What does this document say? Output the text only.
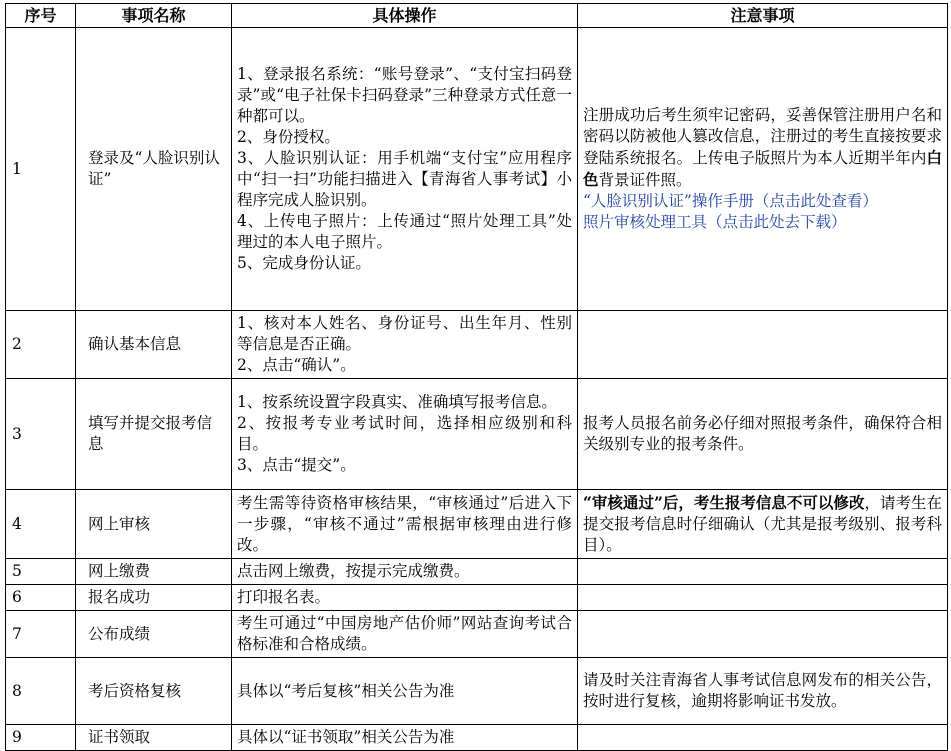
序号	事项名称	具体操作	注意事项
1	登录及“人脸识别认证”	1、登录报名系统：“账号登录”、“支付宝扫码登录”或“电子社保卡扫码登录”三种登录方式任意一种都可以。
2、身份授权。
3、人脸识别认证：用手机端“支付宝”应用程序中“扫一扫”功能扫描进入【青海省人事考试】小程序完成人脸识别。
4、上传电子照片：上传通过“照片处理工具”处理过的本人电子照片。
5、完成身份认证。	注册成功后考生须牢记密码，妥善保管注册用户名和密码以防被他人篡改信息，注册过的考生直接按要求登陆系统报名。上传电子版照片为本人近期半年内白色背景证件照。
“人脸识别认证”操作手册（点击此处查看）
照片审核处理工具（点击此处去下载）

2	确认基本信息	1、核对本人姓名、身份证号、出生年月、性别等信息是否正确。
2、点击“确认”。	

3	填写并提交报考信息	1、按系统设置字段真实、准确填写报考信息。
2、按报考专业考试时间，选择相应级别和科目。
3、点击“提交”。	报考人员报名前务必仔细对照报考条件，确保符合相关级别专业的报考条件。
4	网上审核	考生需等待资格审核结果，“审核通过”后进入下一步骤，“审核不通过”需根据审核理由进行修改。	“审核通过”后，考生报考信息不可以修改，请考生在提交报考信息时仔细确认（尤其是报考级别、报考科目）。
5	网上缴费	点击网上缴费，按提示完成缴费。	
6	报名成功	打印报名表。	
7	公布成绩	考生可通过“中国房地产估价师”网站查询考试合格标准和合格成绩。	
8	考后资格复核	具体以“考后复核”相关公告为准	请及时关注青海省人事考试信息网发布的相关公告，按时进行复核，逾期将影响证书发放。
9	证书领取	具体以“证书领取”相关公告为准	
